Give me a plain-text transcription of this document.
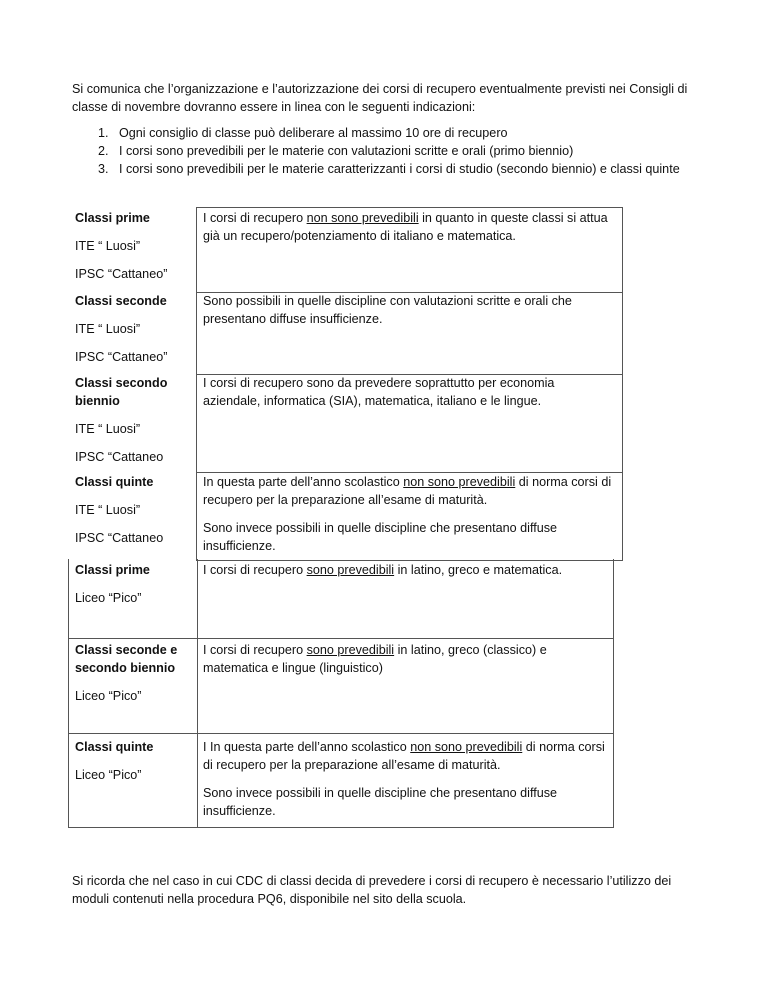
Si comunica che l’organizzazione e l’autorizzazione dei corsi di recupero eventualmente previsti nei Consigli di classe di novembre dovranno essere in linea con le seguenti indicazioni:

1. Ogni consiglio di classe può deliberare al massimo 10 ore di recupero
2. I corsi sono prevedibili per le materie con valutazioni scritte e orali (primo biennio)
3. I corsi sono prevedibili per le materie caratterizzanti i corsi di studio (secondo biennio) e classi quinte

Classi prime

ITE “ Luosi”

IPSC “Cattaneo”

I corsi di recupero non sono prevedibili in quanto in queste classi si attua già un recupero/potenziamento di italiano e matematica.

Classi seconde

ITE “ Luosi”

IPSC “Cattaneo”

Sono possibili in quelle discipline con valutazioni scritte e orali che presentano diffuse insufficienze.

Classi secondo biennio

ITE “ Luosi”

IPSC “Cattaneo

I corsi di recupero sono da prevedere soprattutto per economia aziendale, informatica (SIA), matematica, italiano e le lingue.

Classi quinte

ITE “ Luosi”

IPSC “Cattaneo

In questa parte dell’anno scolastico non sono prevedibili di norma corsi di recupero per la preparazione all’esame di maturità.

Sono invece possibili in quelle discipline che presentano diffuse insufficienze.

Classi prime

Liceo “Pico”

I corsi di recupero sono prevedibili in latino, greco e matematica.

Classi seconde e secondo biennio

Liceo “Pico”

I corsi di recupero sono prevedibili in latino, greco (classico) e matematica e lingue (linguistico)

Classi quinte

Liceo “Pico”

I In questa parte dell’anno scolastico non sono prevedibili di norma corsi di recupero per la preparazione all’esame di maturità.

Sono invece possibili in quelle discipline che presentano diffuse insufficienze.

Si ricorda che nel caso in cui CDC di classi decida di prevedere i corsi di recupero è necessario l’utilizzo dei moduli contenuti nella procedura PQ6, disponibile nel sito della scuola.
